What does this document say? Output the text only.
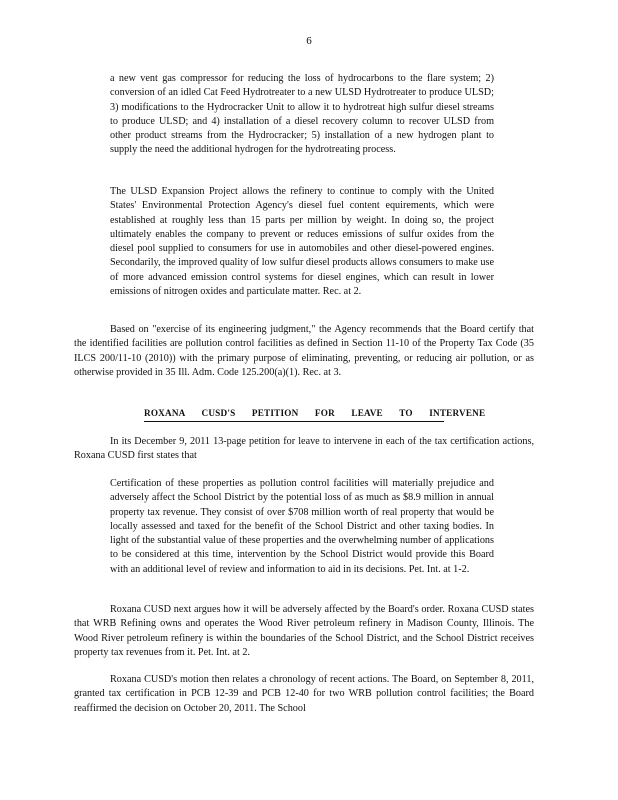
6

a new vent gas compressor for reducing the loss of hydrocarbons to the flare system; 2) conversion of an idled Cat Feed Hydrotreater to a new ULSD Hydrotreater to produce ULSD; 3) modifications to the Hydrocracker Unit to allow it to hydrotreat high sulfur diesel streams to produce ULSD; and 4) installation of a diesel recovery column to recover ULSD from other product streams from the Hydrocracker; 5) installation of a new hydrogen plant to supply the need the additional hydrogen for the hydrotreating process.

The ULSD Expansion Project allows the refinery to continue to comply with the United States' Environmental Protection Agency's diesel fuel content equirements, which were established at roughly less than 15 parts per million by weight. In doing so, the project ultimately enables the company to prevent or reduces emissions of sulfur oxides from the diesel pool supplied to consumers for use in automobiles and other diesel-powered engines. Secondarily, the improved quality of low sulfur diesel products allows consumers to make use of more advanced emission control systems for diesel engines, which can result in lower emissions of nitrogen oxides and particulate matter. Rec. at 2.

Based on "exercise of its engineering judgment," the Agency recommends that the Board certify that the identified facilities are pollution control facilities as defined in Section 11-10 of the Property Tax Code (35 ILCS 200/11-10 (2010)) with the primary purpose of eliminating, preventing, or reducing air pollution, or as otherwise provided in 35 Ill. Adm. Code 125.200(a)(1). Rec. at 3.

ROXANA CUSD'S PETITION FOR LEAVE TO INTERVENE

In its December 9, 2011 13-page petition for leave to intervene in each of the tax certification actions, Roxana CUSD first states that

Certification of these properties as pollution control facilities will materially prejudice and adversely affect the School District by the potential loss of as much as $8.9 million in annual property tax revenue. They consist of over $708 million worth of real property that would be locally assessed and taxed for the benefit of the School District and other taxing bodies. In light of the substantial value of these properties and the overwhelming number of applications to be considered at this time, intervention by the School District would provide this Board with an additional level of review and information to aid in its decisions. Pet. Int. at 1-2.

Roxana CUSD next argues how it will be adversely affected by the Board's order. Roxana CUSD states that WRB Refining owns and operates the Wood River petroleum refinery in Madison County, Illinois. The Wood River petroleum refinery is within the boundaries of the School District, and the School District receives property tax revenues from it. Pet. Int. at 2.

Roxana CUSD's motion then relates a chronology of recent actions. The Board, on September 8, 2011, granted tax certification in PCB 12-39 and PCB 12-40 for two WRB pollution control facilities; the Board reaffirmed the decision on October 20, 2011. The School
